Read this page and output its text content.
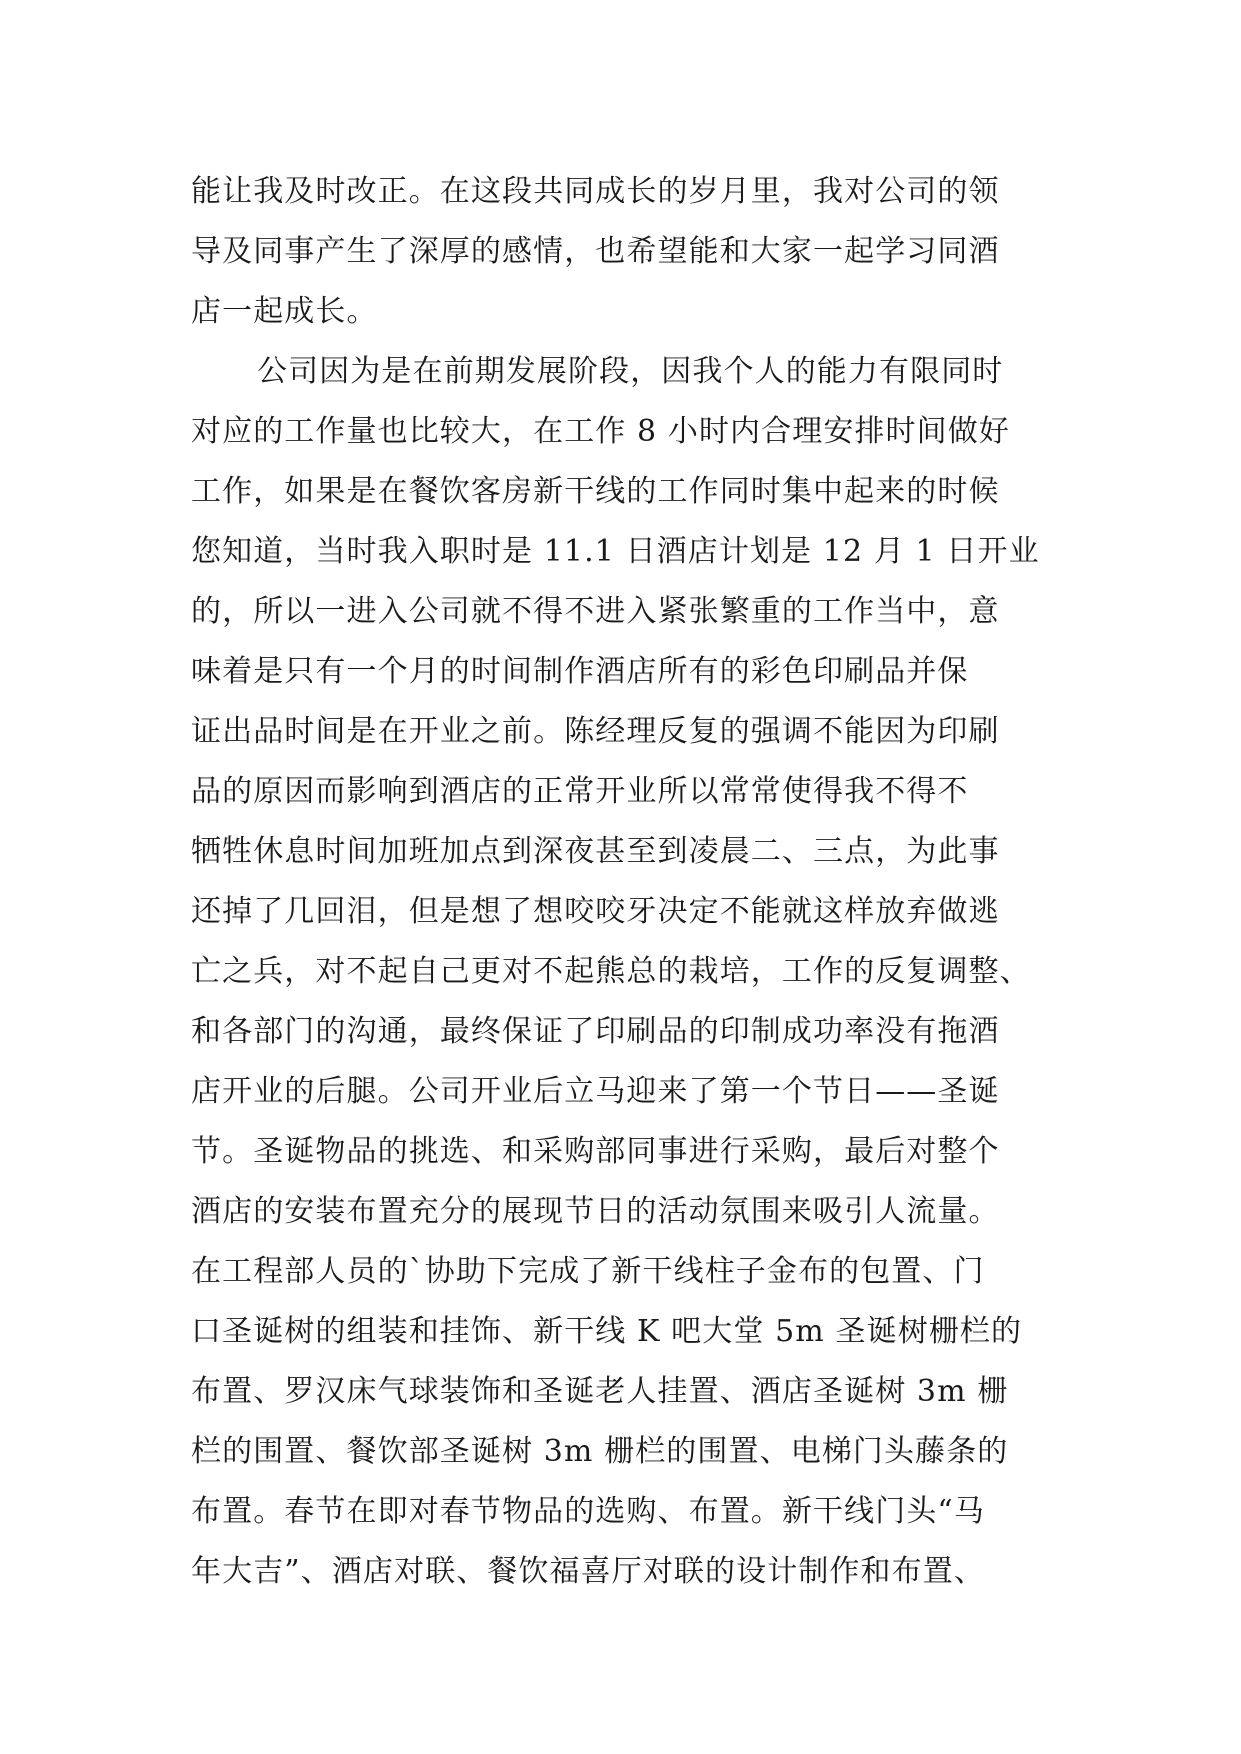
能让我及时改正。在这段共同成长的岁月里，我对公司的领
导及同事产生了深厚的感情，也希望能和大家一起学习同酒
店一起成长。
公司因为是在前期发展阶段，因我个人的能力有限同时
对应的工作量也比较大，在工作 8 小时内合理安排时间做好
工作，如果是在餐饮客房新干线的工作同时集中起来的时候
您知道，当时我入职时是 11.1 日酒店计划是 12 月 1 日开业
的，所以一进入公司就不得不进入紧张繁重的工作当中，意
味着是只有一个月的时间制作酒店所有的彩色印刷品并保
证出品时间是在开业之前。陈经理反复的强调不能因为印刷
品的原因而影响到酒店的正常开业所以常常使得我不得不
牺牲休息时间加班加点到深夜甚至到凌晨二、三点，为此事
还掉了几回泪，但是想了想咬咬牙决定不能就这样放弃做逃
亡之兵，对不起自己更对不起熊总的栽培，工作的反复调整、
和各部门的沟通，最终保证了印刷品的印制成功率没有拖酒
店开业的后腿。公司开业后立马迎来了第一个节日——圣诞
节。圣诞物品的挑选、和采购部同事进行采购，最后对整个
酒店的安装布置充分的展现节日的活动氛围来吸引人流量。
在工程部人员的`协助下完成了新干线柱子金布的包置、门
口圣诞树的组装和挂饰、新干线 K 吧大堂 5m 圣诞树栅栏的
布置、罗汉床气球装饰和圣诞老人挂置、酒店圣诞树 3m 栅
栏的围置、餐饮部圣诞树 3m 栅栏的围置、电梯门头藤条的
布置。春节在即对春节物品的选购、布置。新干线门头“马
年大吉”、酒店对联、餐饮福喜厅对联的设计制作和布置、
